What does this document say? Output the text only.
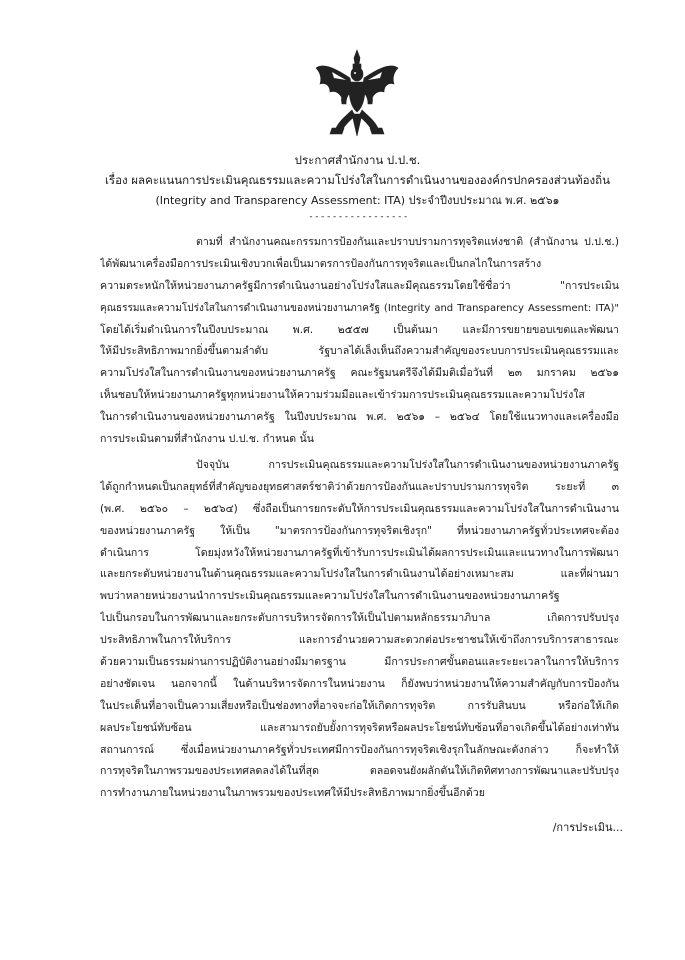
ประกาศสำนักงาน ป.ป.ช.
เรื่อง ผลคะแนนการประเมินคุณธรรมและความโปร่งใสในการดำเนินงานขององค์กรปกครองส่วนท้องถิ่น
(Integrity and Transparency Assessment: ITA) ประจำปีงบประมาณ พ.ศ. ๒๕๖๑
-----------------
ตามที่ สำนักงานคณะกรรมการป้องกันและปราบปรามการทุจริตแห่งชาติ (สำนักงาน ป.ป.ช.)
ได้พัฒนาเครื่องมือการประเมินเชิงบวกเพื่อเป็นมาตรการป้องกันการทุจริตและเป็นกลไกในการสร้าง
ความตระหนักให้หน่วยงานภาครัฐมีการดำเนินงานอย่างโปร่งใสและมีคุณธรรมโดยใช้ชื่อว่า "การประเมิน
คุณธรรมและความโปร่งใสในการดำเนินงานของหน่วยงานภาครัฐ (Integrity and Transparency Assessment: ITA)"
โดยได้เริ่มดำเนินการในปีงบประมาณ พ.ศ. ๒๕๕๗ เป็นต้นมา และมีการขยายขอบเขตและพัฒนา
ให้มีประสิทธิภาพมากยิ่งขึ้นตามลำดับ รัฐบาลได้เล็งเห็นถึงความสำคัญของระบบการประเมินคุณธรรมและ
ความโปร่งใสในการดำเนินงานของหน่วยงานภาครัฐ คณะรัฐมนตรีจึงได้มีมติเมื่อวันที่ ๒๓ มกราคม ๒๕๖๑
เห็นชอบให้หน่วยงานภาครัฐทุกหน่วยงานให้ความร่วมมือและเข้าร่วมการประเมินคุณธรรมและความโปร่งใส
ในการดำเนินงานของหน่วยงานภาครัฐ ในปีงบประมาณ พ.ศ. ๒๕๖๑ – ๒๕๖๔ โดยใช้แนวทางและเครื่องมือ
การประเมินตามที่สำนักงาน ป.ป.ช. กำหนด นั้น
ปัจจุบัน การประเมินคุณธรรมและความโปร่งใสในการดำเนินงานของหน่วยงานภาครัฐ
ได้ถูกกำหนดเป็นกลยุทธ์ที่สำคัญของยุทธศาสตร์ชาติว่าด้วยการป้องกันและปราบปรามการทุจริต ระยะที่ ๓
(พ.ศ. ๒๕๖๐ – ๒๕๖๔) ซึ่งถือเป็นการยกระดับให้การประเมินคุณธรรมและความโปร่งใสในการดำเนินงาน
ของหน่วยงานภาครัฐ ให้เป็น "มาตรการป้องกันการทุจริตเชิงรุก" ที่หน่วยงานภาครัฐทั่วประเทศจะต้อง
ดำเนินการ โดยมุ่งหวังให้หน่วยงานภาครัฐที่เข้ารับการประเมินได้ผลการประเมินและแนวทางในการพัฒนา
และยกระดับหน่วยงานในด้านคุณธรรมและความโปร่งใสในการดำเนินงานได้อย่างเหมาะสม และที่ผ่านมา
พบว่าหลายหน่วยงานนำการประเมินคุณธรรมและความโปร่งใสในการดำเนินงานของหน่วยงานภาครัฐ
ไปเป็นกรอบในการพัฒนาและยกระดับการบริหารจัดการให้เป็นไปตามหลักธรรมาภิบาล เกิดการปรับปรุง
ประสิทธิภาพในการให้บริการ และการอำนวยความสะดวกต่อประชาชนให้เข้าถึงการบริการสาธารณะ
ด้วยความเป็นธรรมผ่านการปฏิบัติงานอย่างมีมาตรฐาน มีการประกาศขั้นตอนและระยะเวลาในการให้บริการ
อย่างชัดเจน นอกจากนี้ ในด้านบริหารจัดการในหน่วยงาน ก็ยังพบว่าหน่วยงานให้ความสำคัญกับการป้องกัน
ในประเด็นที่อาจเป็นความเสี่ยงหรือเป็นช่องทางที่อาจจะก่อให้เกิดการทุจริต การรับสินบน หรือก่อให้เกิด
ผลประโยชน์ทับซ้อน และสามารถยับยั้งการทุจริตหรือผลประโยชน์ทับซ้อนที่อาจเกิดขึ้นได้อย่างเท่าทัน
สถานการณ์ ซึ่งเมื่อหน่วยงานภาครัฐทั่วประเทศมีการป้องกันการทุจริตเชิงรุกในลักษณะดังกล่าว ก็จะทำให้
การทุจริตในภาพรวมของประเทศลดลงได้ในที่สุด ตลอดจนยังผลักดันให้เกิดทิศทางการพัฒนาและปรับปรุง
การทำงานภายในหน่วยงานในภาพรวมของประเทศให้มีประสิทธิภาพมากยิ่งขึ้นอีกด้วย
/การประเมิน...
